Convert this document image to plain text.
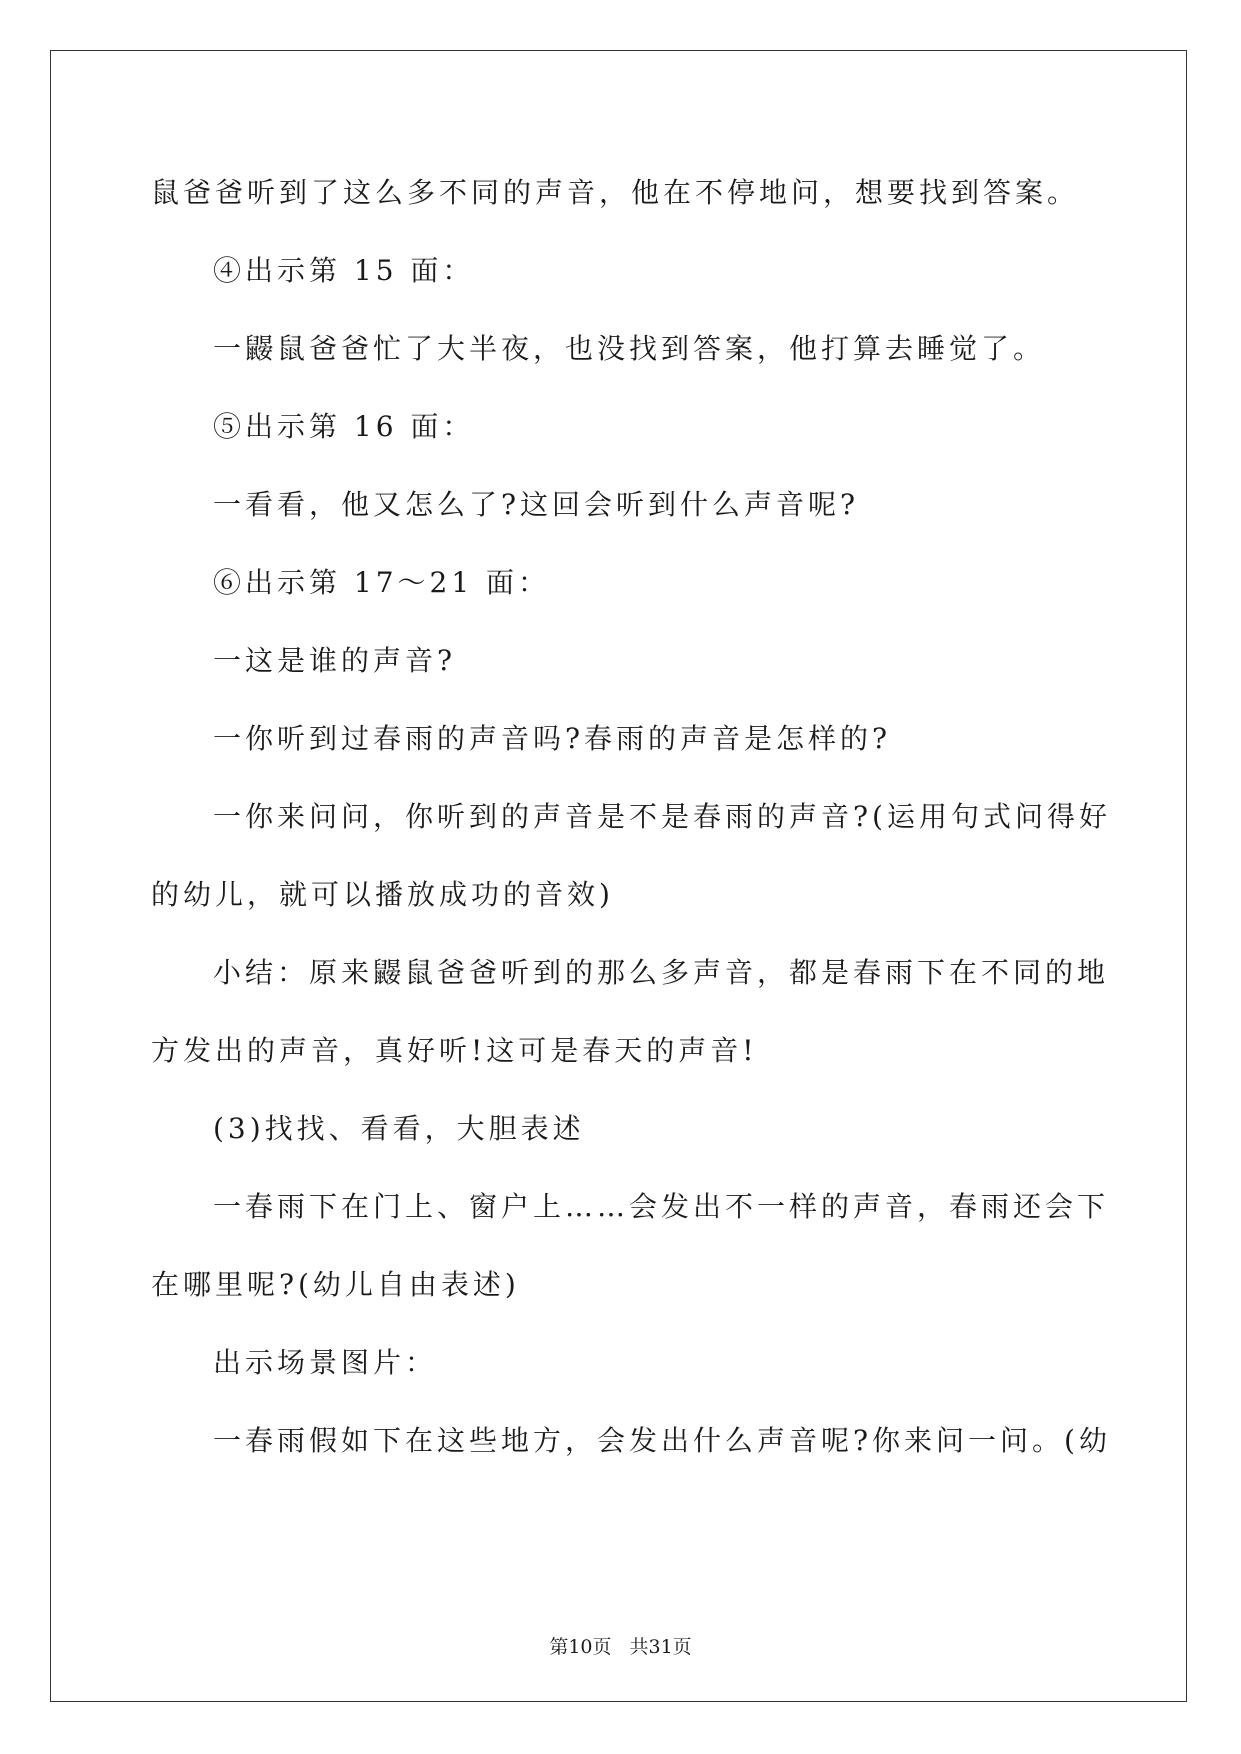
鼠爸爸听到了这么多不同的声音，他在不停地问，想要找到答案。
④出示第 15 面：
一鼹鼠爸爸忙了大半夜，也没找到答案，他打算去睡觉了。
⑤出示第 16 面：
一看看，他又怎么了?这回会听到什么声音呢?
⑥出示第 17～21 面：
一这是谁的声音?
一你听到过春雨的声音吗?春雨的声音是怎样的?
一你来问问，你听到的声音是不是春雨的声音?(运用句式问得好
的幼儿，就可以播放成功的音效)
小结：原来鼹鼠爸爸听到的那么多声音，都是春雨下在不同的地
方发出的声音，真好听!这可是春天的声音!
(3)找找、看看，大胆表述
一春雨下在门上、窗户上……会发出不一样的声音，春雨还会下
在哪里呢?(幼儿自由表述)
出示场景图片：
一春雨假如下在这些地方，会发出什么声音呢?你来问一问。(幼
第10页 共31页
